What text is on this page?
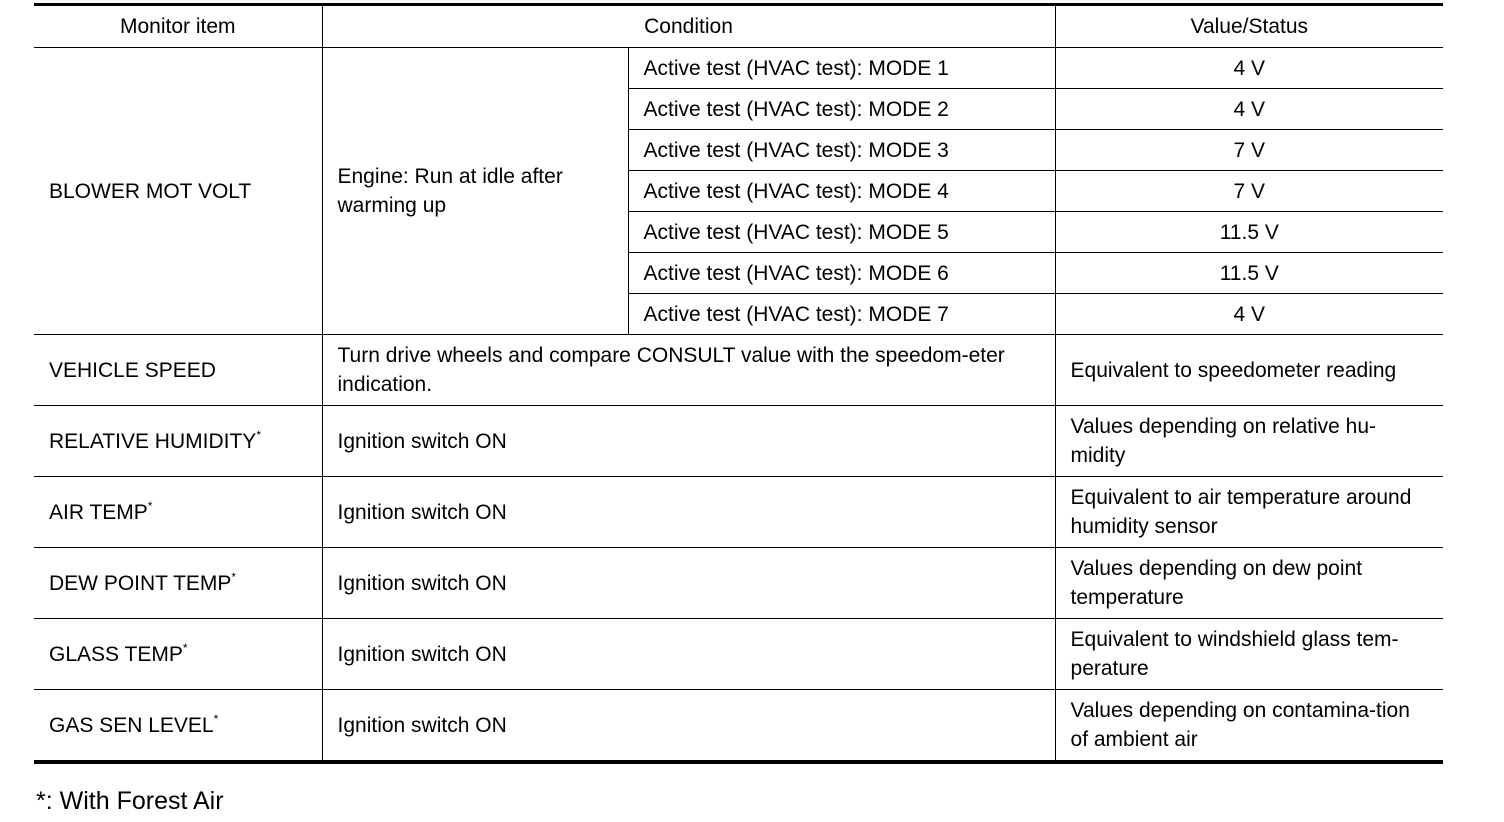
Monitor item	Condition		Value/Status
BLOWER MOT VOLT	Engine: Run at idle after warming up	Active test (HVAC test): MODE 1	4 V
		Active test (HVAC test): MODE 2	4 V
		Active test (HVAC test): MODE 3	7 V
		Active test (HVAC test): MODE 4	7 V
		Active test (HVAC test): MODE 5	11.5 V
		Active test (HVAC test): MODE 6	11.5 V
		Active test (HVAC test): MODE 7	4 V
VEHICLE SPEED	Turn drive wheels and compare CONSULT value with the speedom-eter indication.		Equivalent to speedometer reading
RELATIVE HUMIDITY*	Ignition switch ON		Values depending on relative hu-midity
AIR TEMP*	Ignition switch ON		Equivalent to air temperature around humidity sensor
DEW POINT TEMP*	Ignition switch ON		Values depending on dew point temperature
GLASS TEMP*	Ignition switch ON		Equivalent to windshield glass tem-perature
GAS SEN LEVEL*	Ignition switch ON		Values depending on contamina-tion of ambient air
*: With Forest Air
